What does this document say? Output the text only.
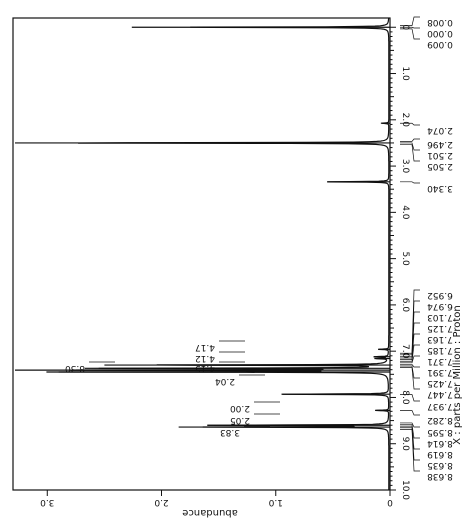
0
1.0
2.0
3.0
4.0
5.0
6.0
7.0
8.0
9.0
10.0
0
1.0
2.0
3.0
4.17
4.12
4.15
8.30
2.04
2.00
2.05
3.83
0.008
0.000
0.009
2.074
2.496
2.501
2.505
3.340
6.952
6.974
7.103
7.125
7.163
7.185
7.371
7.391
7.425
7.447
7.937
8.282
8.595
8.614
8.619
8.635
8.638
X : parts per Million : Proton
abundance
